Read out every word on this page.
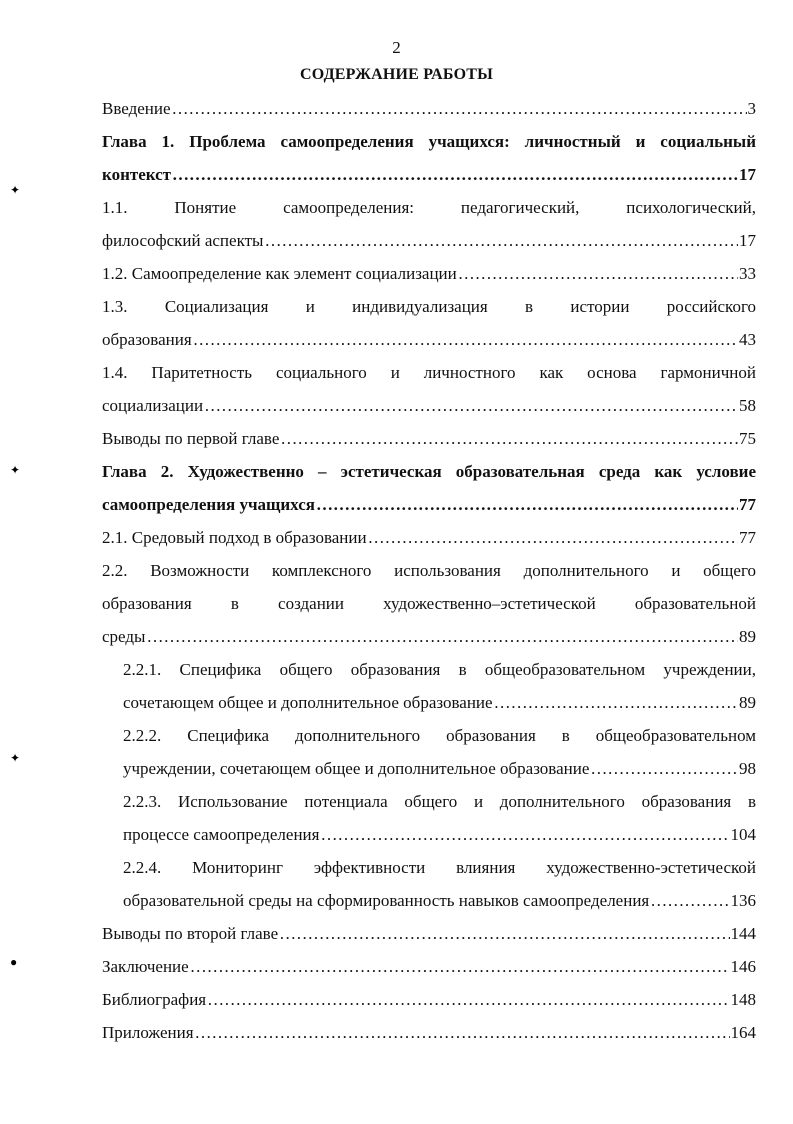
2
СОДЕРЖАНИЕ РАБОТЫ
Введение …………………………………………………………………………………………………………………………………………………………………………………………………………………………	3
Глава 1. Проблема самоопределения учащихся: личностный и социальный
контекст …………………………………………………………………………………………………………………………………………………………………………………………………………………………	17
1.1. Понятие самоопределения: педагогический, психологический,
философский аспекты …………………………………………………………………………………………………………………………………………………………………………………………………………………………	17
1.2. Самоопределение как элемент социализации …………………………………………………………………………………………………………………………………………………………………………………………………………………………	33
1.3. Социализация и индивидуализация в истории российского
образования …………………………………………………………………………………………………………………………………………………………………………………………………………………………	43
1.4. Паритетность социального и личностного как основа гармоничной
социализации …………………………………………………………………………………………………………………………………………………………………………………………………………………………	58
Выводы по первой главе …………………………………………………………………………………………………………………………………………………………………………………………………………………………	75
Глава 2. Художественно – эстетическая образовательная среда как условие
самоопределения учащихся …………………………………………………………………………………………………………………………………………………………………………………………………………………………	77
2.1. Средовый подход в образовании …………………………………………………………………………………………………………………………………………………………………………………………………………………………	77
2.2. Возможности комплексного использования дополнительного и общего
образования в создании художественно–эстетической образовательной
среды …………………………………………………………………………………………………………………………………………………………………………………………………………………………	89
2.2.1. Специфика общего образования в общеобразовательном учреждении,
сочетающем общее и дополнительное образование …………………………………………………………………………………………………………………………………………………………………………………………………………………………	89
2.2.2. Специфика дополнительного образования в общеобразовательном
учреждении, сочетающем общее и дополнительное образование …………………………………………………………………………………………………………………………………………………………………………………………………………………………	98
2.2.3. Использование потенциала общего и дополнительного образования в
процессе самоопределения …………………………………………………………………………………………………………………………………………………………………………………………………………………………	104
2.2.4. Мониторинг эффективности влияния художественно-эстетической
образовательной среды на сформированность навыков самоопределения …………………………………………………………………………………………………………………………………………………………………………………………………………………………	136
Выводы по второй главе …………………………………………………………………………………………………………………………………………………………………………………………………………………………	144
Заключение …………………………………………………………………………………………………………………………………………………………………………………………………………………………	146
Библиография …………………………………………………………………………………………………………………………………………………………………………………………………………………………	148
Приложения …………………………………………………………………………………………………………………………………………………………………………………………………………………………	164
✦
✦
✦
●
